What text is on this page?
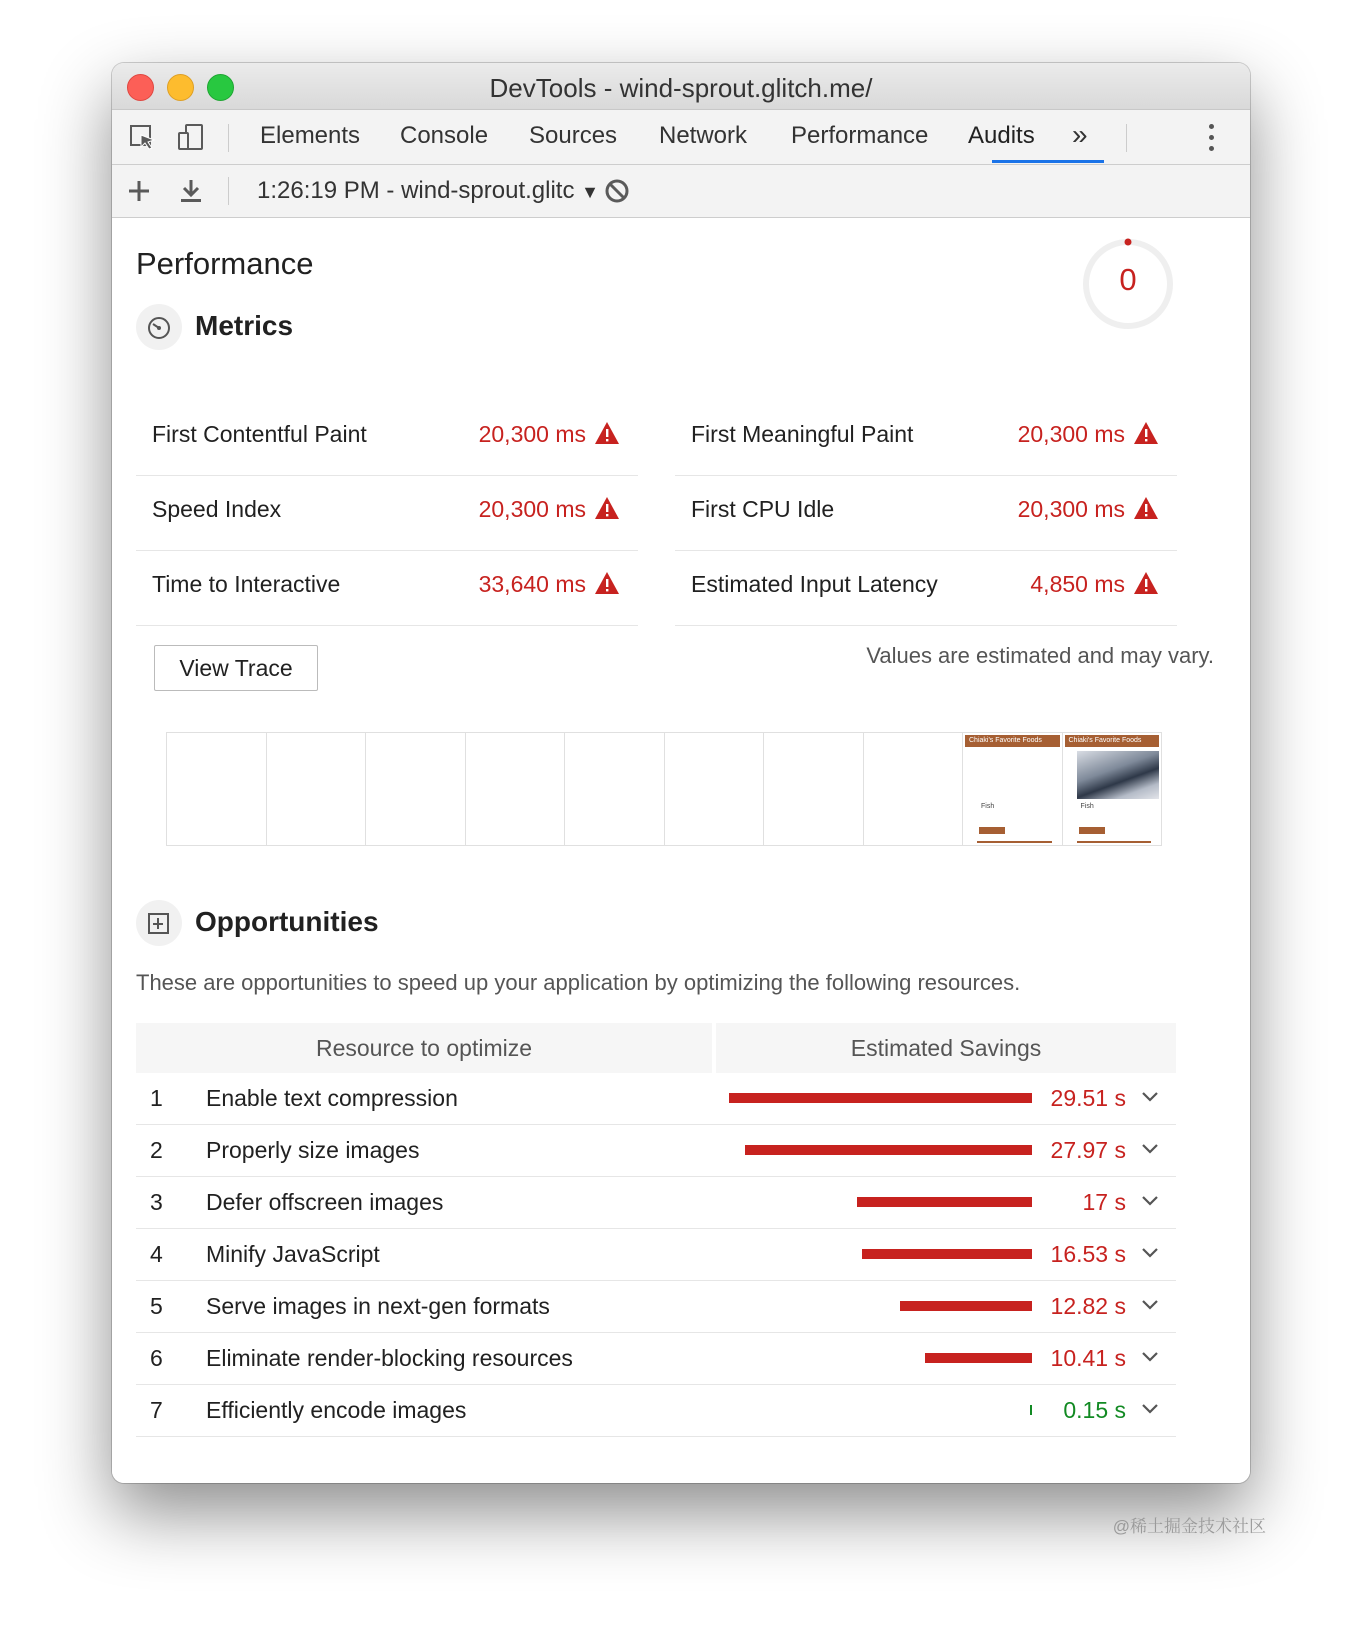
DevTools - wind-sprout.glitch.me/
Elements Console Sources Network Performance Audits »
1:26:19 PM - wind-sprout.glitc ▼
Performance	0
Metrics
First Contentful Paint	20,300 ms	First Meaningful Paint	20,300 ms
Speed Index	20,300 ms	First CPU Idle	20,300 ms
Time to Interactive	33,640 ms	Estimated Input Latency	4,850 ms
View Trace	Values are estimated and may vary.
Chiaki's Favorite Foods
Fish
Chiaki's Favorite Foods
Fish
Opportunities
These are opportunities to speed up your application by optimizing the following resources.
Resource to optimize	Estimated Savings
1 Enable text compression	29.51 s
2 Properly size images	27.97 s
3 Defer offscreen images	17 s
4 Minify JavaScript	16.53 s
5 Serve images in next-gen formats	12.82 s
6 Eliminate render-blocking resources	10.41 s
7 Efficiently encode images	0.15 s
@稀土掘金技术社区
